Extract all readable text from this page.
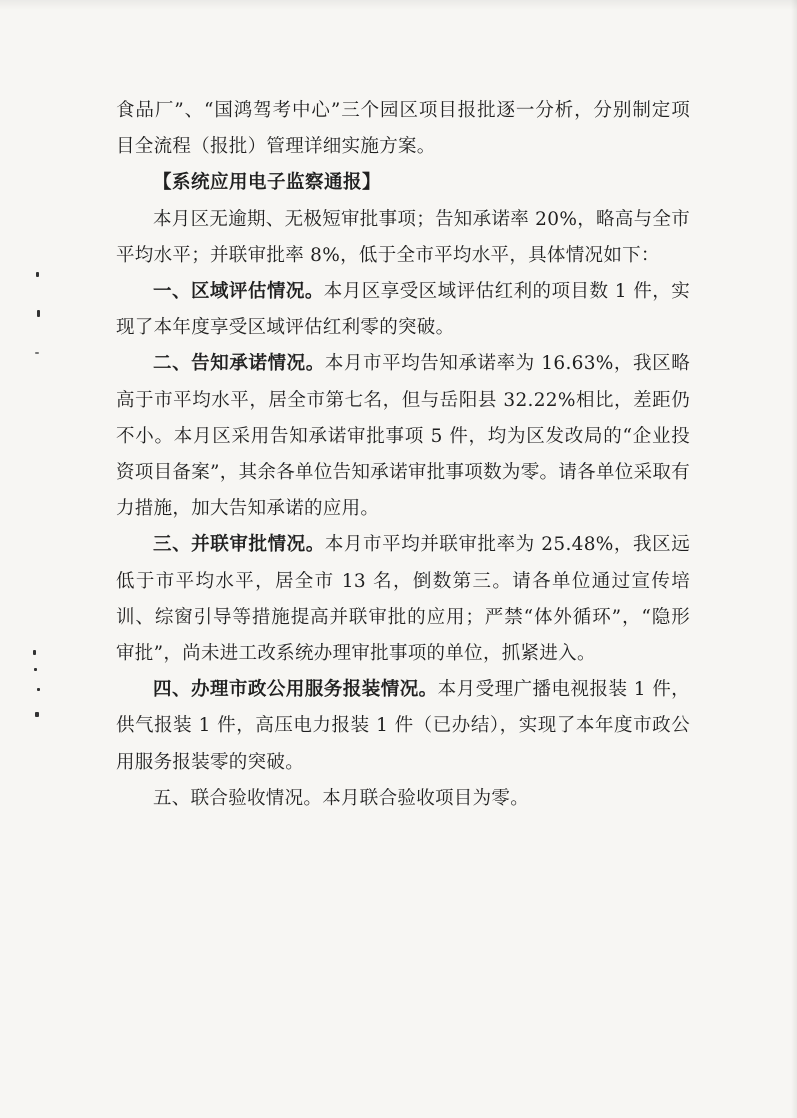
食品厂”、“国鸿驾考中心”三个园区项目报批逐一分析，分别制定项目全流程（报批）管理详细实施方案。

【系统应用电子监察通报】

本月区无逾期、无极短审批事项；告知承诺率 20%，略高与全市平均水平；并联审批率 8%，低于全市平均水平，具体情况如下：

一、区域评估情况。本月区享受区域评估红利的项目数 1 件，实现了本年度享受区域评估红利零的突破。

二、告知承诺情况。本月市平均告知承诺率为 16.63%，我区略高于市平均水平，居全市第七名，但与岳阳县 32.22%相比，差距仍不小。本月区采用告知承诺审批事项 5 件，均为区发改局的“企业投资项目备案”，其余各单位告知承诺审批事项数为零。请各单位采取有力措施，加大告知承诺的应用。

三、并联审批情况。本月市平均并联审批率为 25.48%，我区远低于市平均水平，居全市 13 名，倒数第三。请各单位通过宣传培训、综窗引导等措施提高并联审批的应用；严禁“体外循环”，“隐形审批”，尚未进工改系统办理审批事项的单位，抓紧进入。

四、办理市政公用服务报装情况。本月受理广播电视报装 1 件，供气报装 1 件，高压电力报装 1 件（已办结），实现了本年度市政公用服务报装零的突破。

五、联合验收情况。本月联合验收项目为零。
